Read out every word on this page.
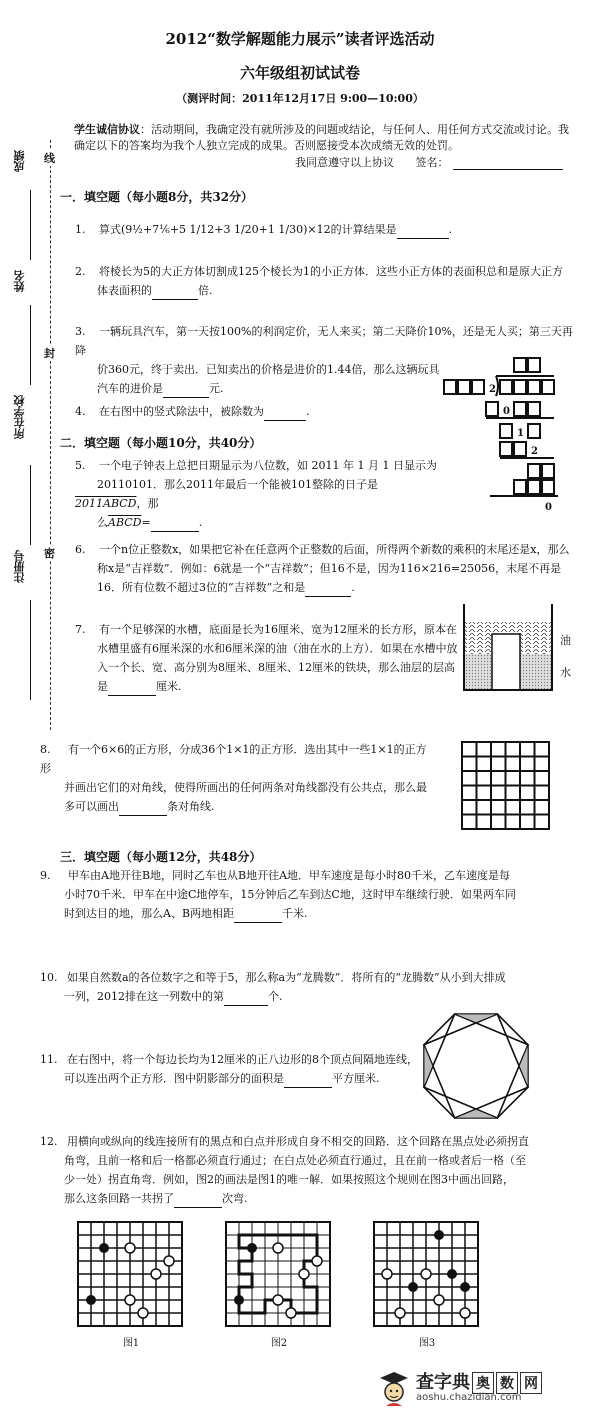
2012“数学解题能力展示”读者评选活动
六年级组初试试卷
（测评时间：2011年12月17日 9:00—10:00）
学生诚信协议：活动期间，我确定没有就所涉及的问题或结论，与任何人、用任何方式交流或讨论。我确定以下的答案均为我个人独立完成的成果。否则愿接受本次成绩无效的处罚。
我同意遵守以上协议 签名：
成绩
姓名
所在学校
注册号
线
封
密
一．填空题（每小题8分，共32分）
1. 算式(9½+7⅙+5 1/12+3 1/20+1 1/30)×12的计算结果是	.
2. 将棱长为5的大正方体切割成125个棱长为1的小正方体．这些小正方体的表面积总和是原大正方
体表面积的	倍.
3. 一辆玩具汽车，第一天按100%的利润定价，无人来买；第二天降价10%，还是无人买；第三天再降
价360元，终于卖出．已知卖出的价格是进价的1.44倍，那么这辆玩具
汽车的进价是	元.
4. 在右图中的竖式除法中，被除数为	.
2
0
1
2
0
二．填空题（每小题10分，共40分）
5. 一个电子钟表上总把日期显示为八位数，如 2011 年 1 月 1 日显示为
20110101．那么2011年最后一个能被101整除的日子是2011ABCD，那
么ABCD=	.
6. 一个n位正整数x，如果把它补在任意两个正整数的后面，所得两个新数的乘积的末尾还是x，那么
称x是“吉祥数”．例如：6就是一个“吉祥数”；但16不是，因为116×216=25056，末尾不再是
16．所有位数不超过3位的“吉祥数”之和是	.
7. 有一个足够深的水槽，底面是长为16厘米、宽为12厘米的长方形，原本在
水槽里盛有6厘米深的水和6厘米深的油（油在水的上方）．如果在水槽中放
入一个长、宽、高分别为8厘米、8厘米、12厘米的铁块，那么油层的层高
是	厘米.
油
水
8. 有一个6×6的正方形，分成36个1×1的正方形．选出其中一些1×1的正方形
并画出它们的对角线，使得所画出的任何两条对角线都没有公共点，那么最
多可以画出	条对角线.
三．填空题（每小题12分，共48分）
9. 甲车由A地开往B地，同时乙车也从B地开往A地．甲车速度是每小时80千米，乙车速度是每
小时70千米．甲车在中途C地停车，15分钟后乙车到达C地，这时甲车继续行驶．如果两车同
时到达目的地，那么A、B两地相距	千米.
10. 如果自然数a的各位数字之和等于5，那么称a为“龙腾数”．将所有的“龙腾数”从小到大排成
一列，2012排在这一列数中的第	个.
11. 在右图中，将一个每边长均为12厘米的正八边形的8个顶点间隔地连线，
可以连出两个正方形．图中阴影部分的面积是	平方厘米.
12. 用横向或纵向的线连接所有的黑点和白点并形成自身不相交的回路．这个回路在黑点处必须拐直
角弯，且前一格和后一格都必须直行通过；在白点处必须直行通过，且在前一格或者后一格（至
少一处）拐直角弯．例如，图2的画法是图1的唯一解．如果按照这个规则在图3中画出回路，
那么这条回路一共拐了	次弯.
图1	图2	图3
查字典 奥 数 网
aoshu.chazidian.com
